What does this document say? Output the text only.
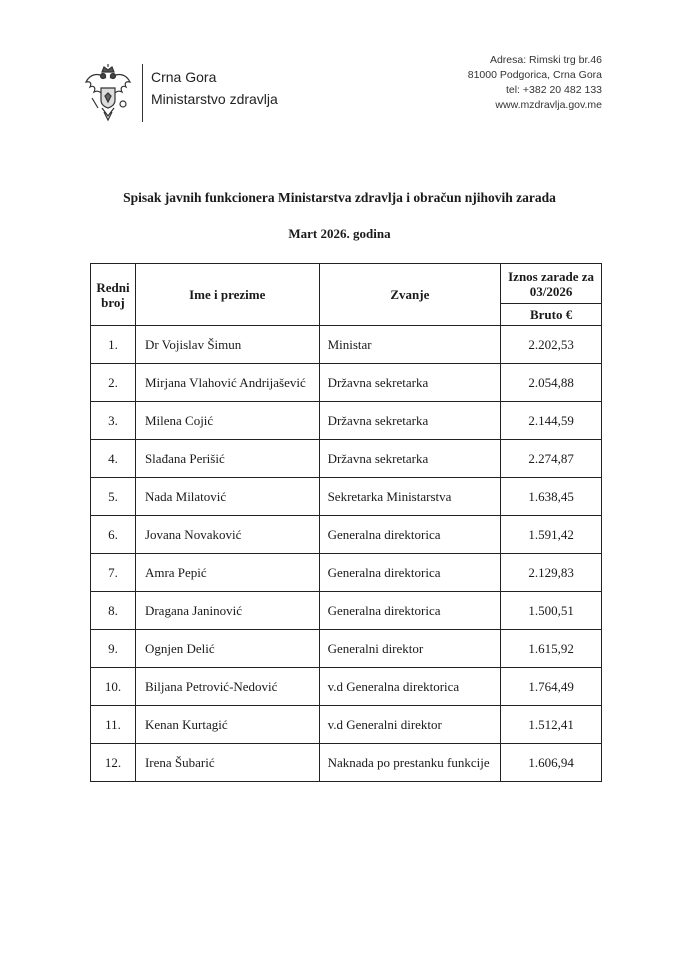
Crna Gora
Ministarstvo zdravlja
Adresa: Rimski trg br.46
81000 Podgorica, Crna Gora
tel: +382 20 482 133
www.mzdravlja.gov.me
Spisak javnih funkcionera Ministarstva zdravlja i obračun njihovih zarada
Mart 2026. godina
Redni broj	Ime i prezime	Zvanje	Iznos zarade za 03/2026
			Bruto €
1.	Dr Vojislav Šimun	Ministar	2.202,53
2.	Mirjana Vlahović Andrijašević	Državna sekretarka	2.054,88
3.	Milena Cojić	Državna sekretarka	2.144,59
4.	Slađana Perišić	Državna sekretarka	2.274,87
5.	Nada Milatović	Sekretarka Ministarstva	1.638,45
6.	Jovana Novaković	Generalna direktorica	1.591,42
7.	Amra Pepić	Generalna direktorica	2.129,83
8.	Dragana Janinović	Generalna direktorica	1.500,51
9.	Ognjen Delić	Generalni direktor	1.615,92
10.	Biljana Petrović-Nedović	v.d Generalna direktorica	1.764,49
11.	Kenan Kurtagić	v.d Generalni direktor	1.512,41
12.	Irena Šubarić	Naknada po prestanku funkcije	1.606,94
